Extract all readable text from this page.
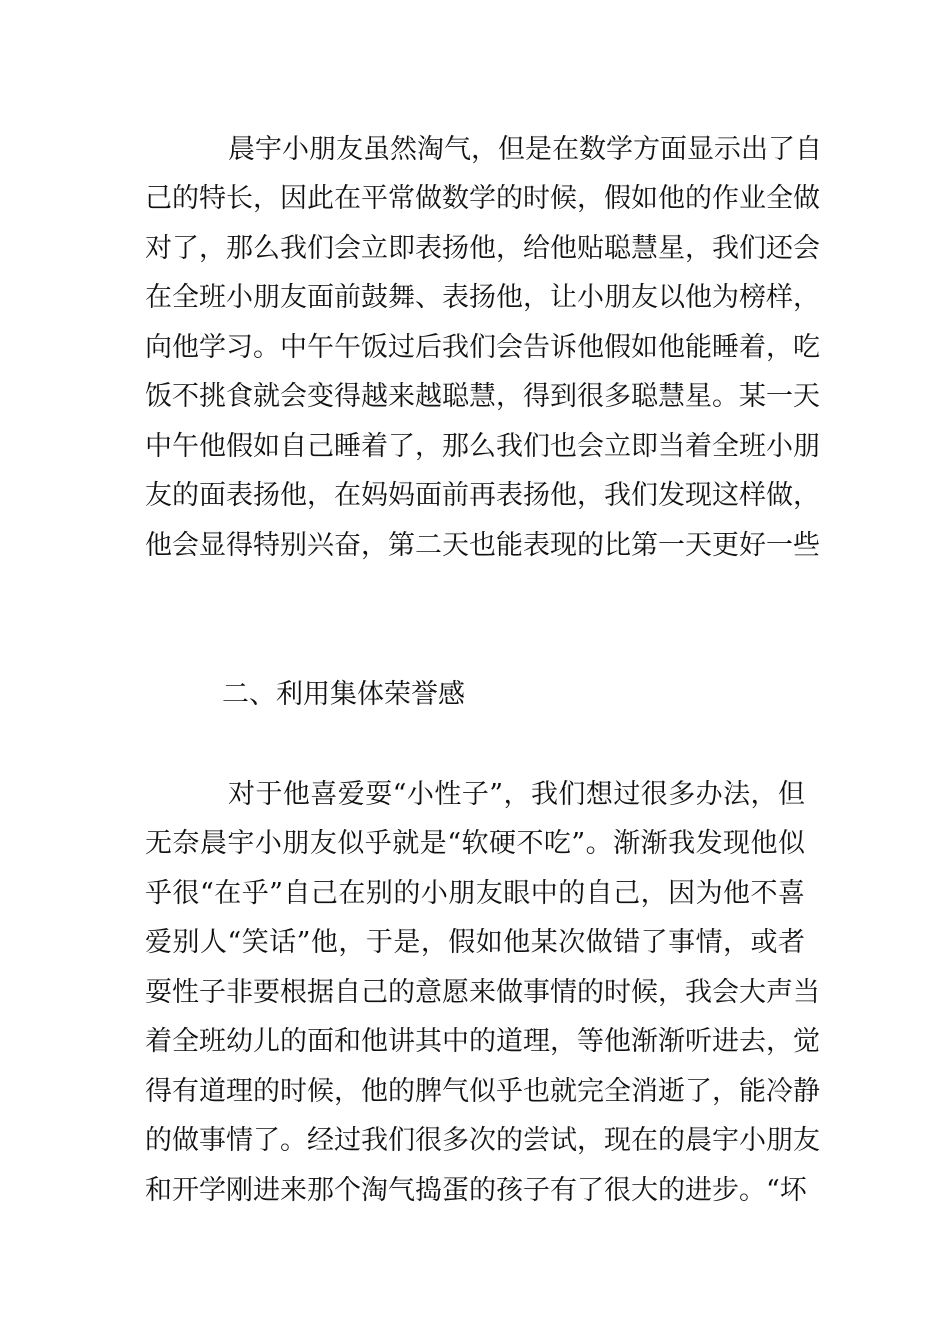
晨宇小朋友虽然淘气，但是在数学方面显示出了自
己的特长，因此在平常做数学的时候，假如他的作业全做
对了，那么我们会立即表扬他，给他贴聪慧星，我们还会
在全班小朋友面前鼓舞、表扬他，让小朋友以他为榜样，
向他学习。中午午饭过后我们会告诉他假如他能睡着，吃
饭不挑食就会变得越来越聪慧，得到很多聪慧星。某一天
中午他假如自己睡着了，那么我们也会立即当着全班小朋
友的面表扬他，在妈妈面前再表扬他，我们发现这样做，
他会显得特别兴奋，第二天也能表现的比第一天更好一些
二、利用集体荣誉感
对于他喜爱耍“小性子”，我们想过很多办法，但
无奈晨宇小朋友似乎就是“软硬不吃”。渐渐我发现他似
乎很“在乎”自己在别的小朋友眼中的自己，因为他不喜
爱别人“笑话”他，于是，假如他某次做错了事情，或者
耍性子非要根据自己的意愿来做事情的时候，我会大声当
着全班幼儿的面和他讲其中的道理，等他渐渐听进去，觉
得有道理的时候，他的脾气似乎也就完全消逝了，能冷静
的做事情了。经过我们很多次的尝试，现在的晨宇小朋友
和开学刚进来那个淘气捣蛋的孩子有了很大的进步。“坏
